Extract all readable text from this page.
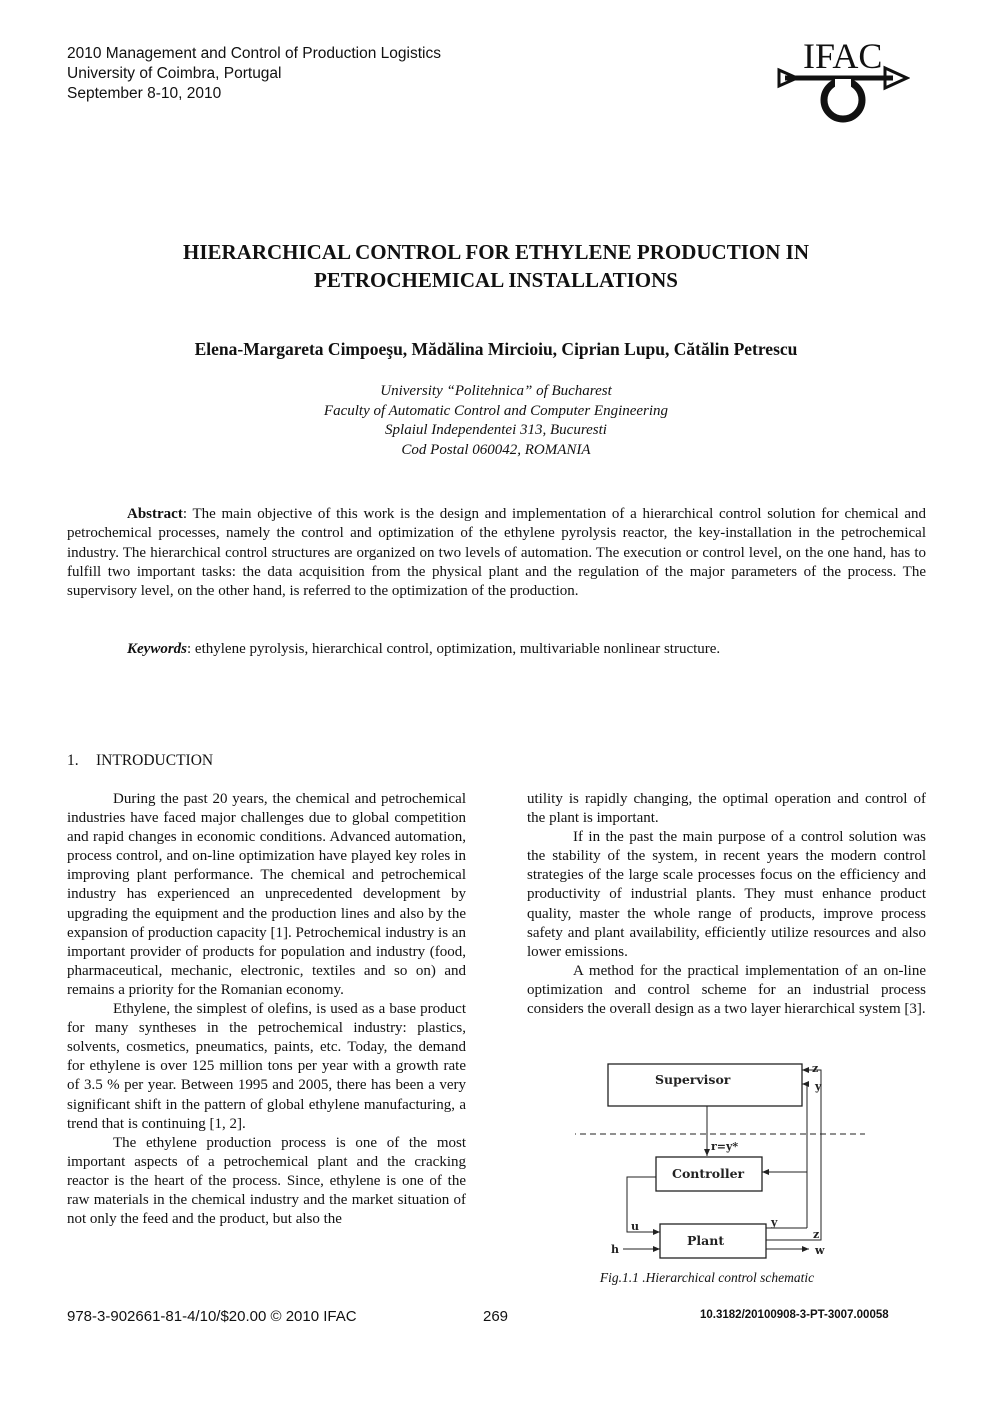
2010 Management and Control of Production Logistics
University of Coimbra, Portugal
September 8-10, 2010
IFAC
HIERARCHICAL CONTROL FOR ETHYLENE PRODUCTION IN
PETROCHEMICAL INSTALLATIONS
Elena-Margareta Cimpoeşu, Mădălina Mircioiu, Ciprian Lupu, Cătălin Petrescu
University “Politehnica” of Bucharest
Faculty of Automatic Control and Computer Engineering
Splaiul Independentei 313, Bucuresti
Cod Postal 060042, ROMANIA
Abstract: The main objective of this work is the design and implementation of a hierarchical control solution for chemical and petrochemical processes, namely the control and optimization of the ethylene pyrolysis reactor, the key-installation in the petrochemical industry. The hierarchical control structures are organized on two levels of automation. The execution or control level, on the one hand, has to fulfill two important tasks: the data acquisition from the physical plant and the regulation of the major parameters of the process. The supervisory level, on the other hand, is referred to the optimization of the production.
Keywords: ethylene pyrolysis, hierarchical control, optimization, multivariable nonlinear structure.
1. INTRODUCTION

During the past 20 years, the chemical and petrochemical industries have faced major challenges due to global competition and rapid changes in economic conditions. Advanced automation, process control, and on-line optimization have played key roles in improving plant performance. The chemical and petrochemical industry has experienced an unprecedented development by upgrading the equipment and the production lines and also by the expansion of production capacity [1]. Petrochemical industry is an important provider of products for population and industry (food, pharmaceutical, mechanic, electronic, textiles and so on) and remains a priority for the Romanian economy.

Ethylene, the simplest of olefins, is used as a base product for many syntheses in the petrochemical industry: plastics, solvents, cosmetics, pneumatics, paints, etc. Today, the demand for ethylene is over 125 million tons per year with a growth rate of 3.5 % per year. Between 1995 and 2005, there has been a very significant shift in the pattern of global ethylene manufacturing, a trend that is continuing [1, 2].

The ethylene production process is one of the most important aspects of a petrochemical plant and the cracking reactor is the heart of the process. Since, ethylene is one of the raw materials in the chemical industry and the market situation of not only the feed and the product, but also the

utility is rapidly changing, the optimal operation and control of the plant is important.

If in the past the main purpose of a control solution was the stability of the system, in recent years the modern control strategies of the large scale processes focus on the efficiency and productivity of industrial plants. They must enhance product quality, master the whole range of products, improve process safety and plant availability, efficiently utilize resources and also lower emissions.

A method for the practical implementation of an on-line optimization and control scheme for an industrial process considers the overall design as a two layer hierarchical system [3].

Supervisor
r=y*
Controller
Plant
u
h
y
y
z
z
w
Fig.1.1 .Hierarchical control schematic
978-3-902661-81-4/10/$20.00 © 2010 IFAC	269	10.3182/20100908-3-PT-3007.00058
